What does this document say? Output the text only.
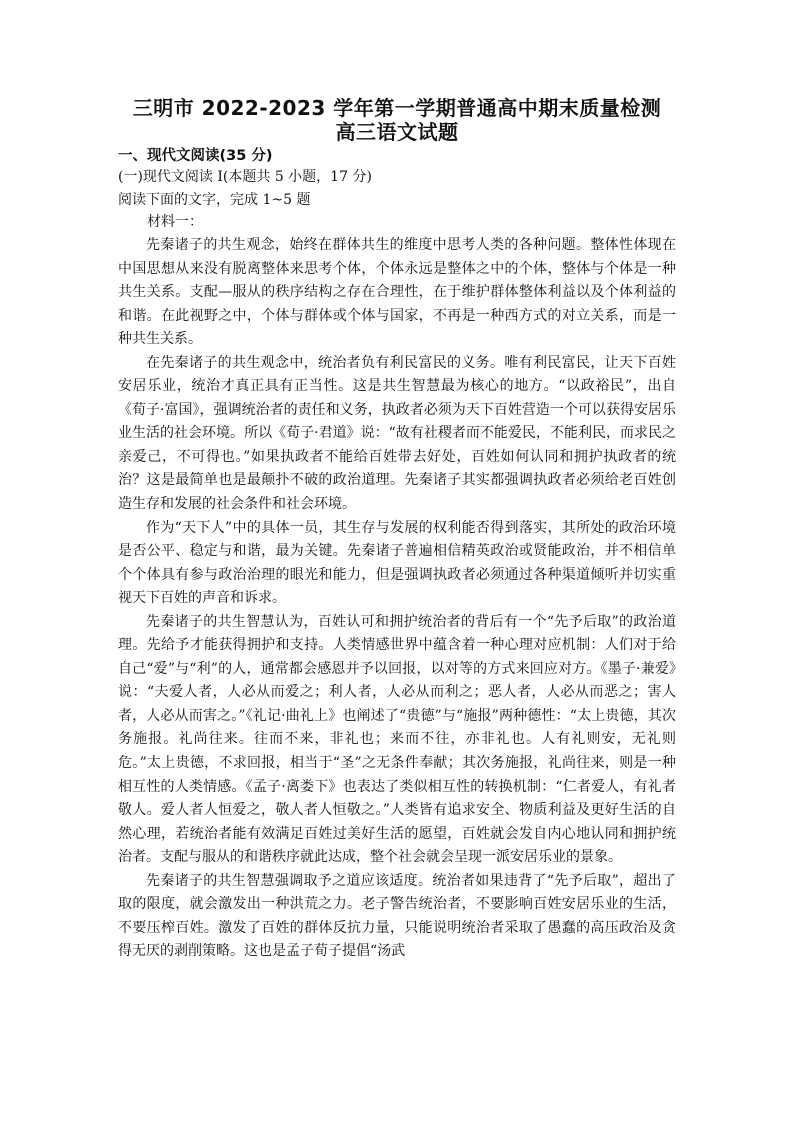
三明市 2022-2023 学年第一学期普通高中期末质量检测
高三语文试题
一、现代文阅读(35 分)
(一)现代文阅读 I(本题共 5 小题，17 分)
阅读下面的文字，完成 1~5 题
材料一：

先秦诸子的共生观念，始终在群体共生的维度中思考人类的各种问题。整体性体现在中国思想从来没有脱离整体来思考个体，个体永远是整体之中的个体，整体与个体是一种共生关系。支配—服从的秩序结构之存在合理性，在于维护群体整体利益以及个体利益的和谐。在此视野之中，个体与群体或个体与国家，不再是一种西方式的对立关系，而是一种共生关系。

在先秦诸子的共生观念中，统治者负有利民富民的义务。唯有利民富民，让天下百姓安居乐业，统治才真正具有正当性。这是共生智慧最为核心的地方。“以政裕民”，出自《荀子·富国》，强调统治者的责任和义务，执政者必须为天下百姓营造一个可以获得安居乐业生活的社会环境。所以《荀子·君道》说：“故有社稷者而不能爱民，不能利民，而求民之亲爱己，不可得也。”如果执政者不能给百姓带去好处，百姓如何认同和拥护执政者的统治？这是最简单也是最颠扑不破的政治道理。先秦诸子其实都强调执政者必须给老百姓创造生存和发展的社会条件和社会环境。

作为“天下人”中的具体一员，其生存与发展的权利能否得到落实，其所处的政治环境是否公平、稳定与和谐，最为关键。先秦诸子普遍相信精英政治或贤能政治，并不相信单个个体具有参与政治治理的眼光和能力，但是强调执政者必须通过各种渠道倾听并切实重视天下百姓的声音和诉求。

先秦诸子的共生智慧认为，百姓认可和拥护统治者的背后有一个“先予后取”的政治道理。先给予才能获得拥护和支持。人类情感世界中蕴含着一种心理对应机制：人们对于给自己“爱”与“利”的人，通常都会感恩并予以回报，以对等的方式来回应对方。《墨子·兼爱》说：“夫爱人者，人必从而爱之；利人者，人必从而利之；恶人者，人必从而恶之；害人者，人必从而害之。”《礼记·曲礼上》也阐述了“贵德”与“施报”两种德性：“太上贵德，其次务施报。礼尚往来。往而不来，非礼也；来而不往，亦非礼也。人有礼则安，无礼则危。”太上贵德，不求回报，相当于“圣”之无条件奉献；其次务施报，礼尚往来，则是一种相互性的人类情感。《孟子·离娄下》也表达了类似相互性的转换机制：“仁者爱人，有礼者敬人。爱人者人恒爱之，敬人者人恒敬之。”人类皆有追求安全、物质利益及更好生活的自然心理，若统治者能有效满足百姓过美好生活的愿望，百姓就会发自内心地认同和拥护统治者。支配与服从的和谐秩序就此达成，整个社会就会呈现一派安居乐业的景象。

先秦诸子的共生智慧强调取予之道应该适度。统治者如果违背了“先予后取”，超出了取的限度，就会激发出一种洪荒之力。老子警告统治者，不要影响百姓安居乐业的生活，不要压榨百姓。激发了百姓的群体反抗力量，只能说明统治者采取了愚蠢的高压政治及贪得无厌的剥削策略。这也是孟子荀子提倡“汤武
